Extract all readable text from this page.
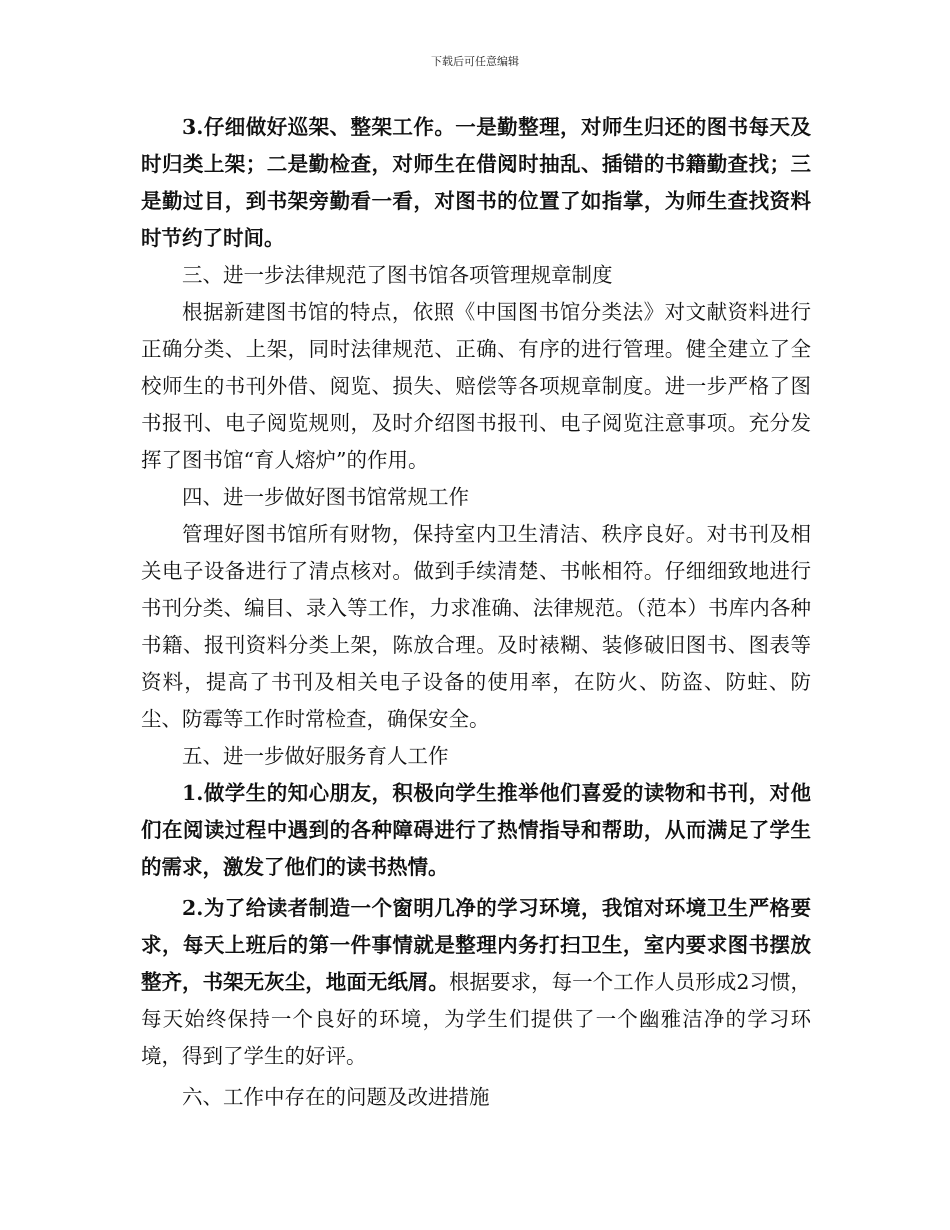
下载后可任意编辑

3.仔细做好巡架、整架工作。一是勤整理，对师生归还的图书每天及时归类上架；二是勤检查，对师生在借阅时抽乱、插错的书籍勤查找；三是勤过目，到书架旁勤看一看，对图书的位置了如指掌，为师生查找资料时节约了时间。

三、进一步法律规范了图书馆各项管理规章制度

根据新建图书馆的特点，依照《中国图书馆分类法》对文献资料进行正确分类、上架，同时法律规范、正确、有序的进行管理。健全建立了全校师生的书刊外借、阅览、损失、赔偿等各项规章制度。进一步严格了图书报刊、电子阅览规则，及时介绍图书报刊、电子阅览注意事项。充分发挥了图书馆“育人熔炉”的作用。

四、进一步做好图书馆常规工作

管理好图书馆所有财物，保持室内卫生清洁、秩序良好。对书刊及相关电子设备进行了清点核对。做到手续清楚、书帐相符。仔细细致地进行书刊分类、编目、录入等工作，力求准确、法律规范。（范本）书库内各种书籍、报刊资料分类上架，陈放合理。及时裱糊、装修破旧图书、图表等资料，提高了书刊及相关电子设备的使用率，在防火、防盗、防蛀、防尘、防霉等工作时常检查，确保安全。

五、进一步做好服务育人工作

1.做学生的知心朋友，积极向学生推举他们喜爱的读物和书刊，对他们在阅读过程中遇到的各种障碍进行了热情指导和帮助，从而满足了学生的需求，激发了他们的读书热情。

2.为了给读者制造一个窗明几净的学习环境，我馆对环境卫生严格要求，每天上班后的第一件事情就是整理内务打扫卫生，室内要求图书摆放整齐，书架无灰尘，地面无纸屑。根据要求，每一个工作人员形成2习惯，每天始终保持一个良好的环境，为学生们提供了一个幽雅洁净的学习环境，得到了学生的好评。

六、工作中存在的问题及改进措施
